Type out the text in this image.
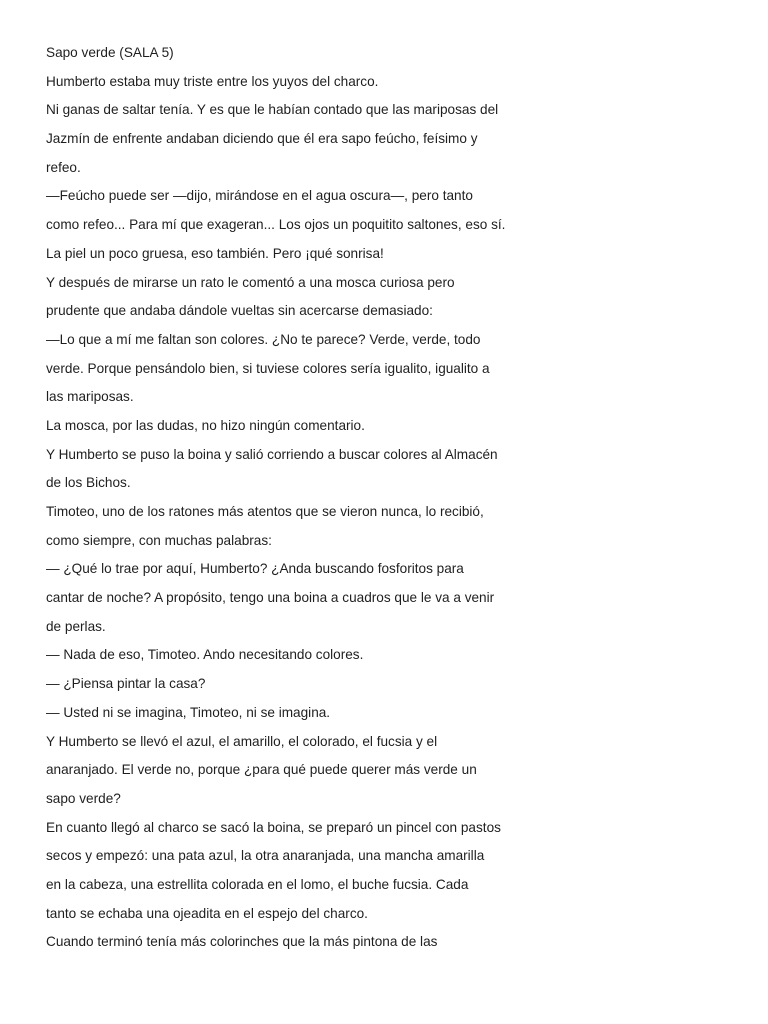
Sapo verde (SALA 5)
Humberto estaba muy triste entre los yuyos del charco.
Ni ganas de saltar tenía. Y es que le habían contado que las mariposas del
Jazmín de enfrente andaban diciendo que él era sapo feúcho, feísimo y
refeo.
—Feúcho puede ser —dijo, mirándose en el agua oscura—, pero tanto
como refeo... Para mí que exageran... Los ojos un poquitito saltones, eso sí.
La piel un poco gruesa, eso también. Pero ¡qué sonrisa!
Y después de mirarse un rato le comentó a una mosca curiosa pero
prudente que andaba dándole vueltas sin acercarse demasiado:
—Lo que a mí me faltan son colores. ¿No te parece? Verde, verde, todo
verde. Porque pensándolo bien, si tuviese colores sería igualito, igualito a
las mariposas.
La mosca, por las dudas, no hizo ningún comentario.
Y Humberto se puso la boina y salió corriendo a buscar colores al Almacén
de los Bichos.
Timoteo, uno de los ratones más atentos que se vieron nunca, lo recibió,
como siempre, con muchas palabras:
— ¿Qué lo trae por aquí, Humberto? ¿Anda buscando fosforitos para
cantar de noche? A propósito, tengo una boina a cuadros que le va a venir
de perlas.
— Nada de eso, Timoteo. Ando necesitando colores.
— ¿Piensa pintar la casa?
— Usted ni se imagina, Timoteo, ni se imagina.
Y Humberto se llevó el azul, el amarillo, el colorado, el fucsia y el
anaranjado. El verde no, porque ¿para qué puede querer más verde un
sapo verde?
En cuanto llegó al charco se sacó la boina, se preparó un pincel con pastos
secos y empezó: una pata azul, la otra anaranjada, una mancha amarilla
en la cabeza, una estrellita colorada en el lomo, el buche fucsia. Cada
tanto se echaba una ojeadita en el espejo del charco.
Cuando terminó tenía más colorinches que la más pintona de las
